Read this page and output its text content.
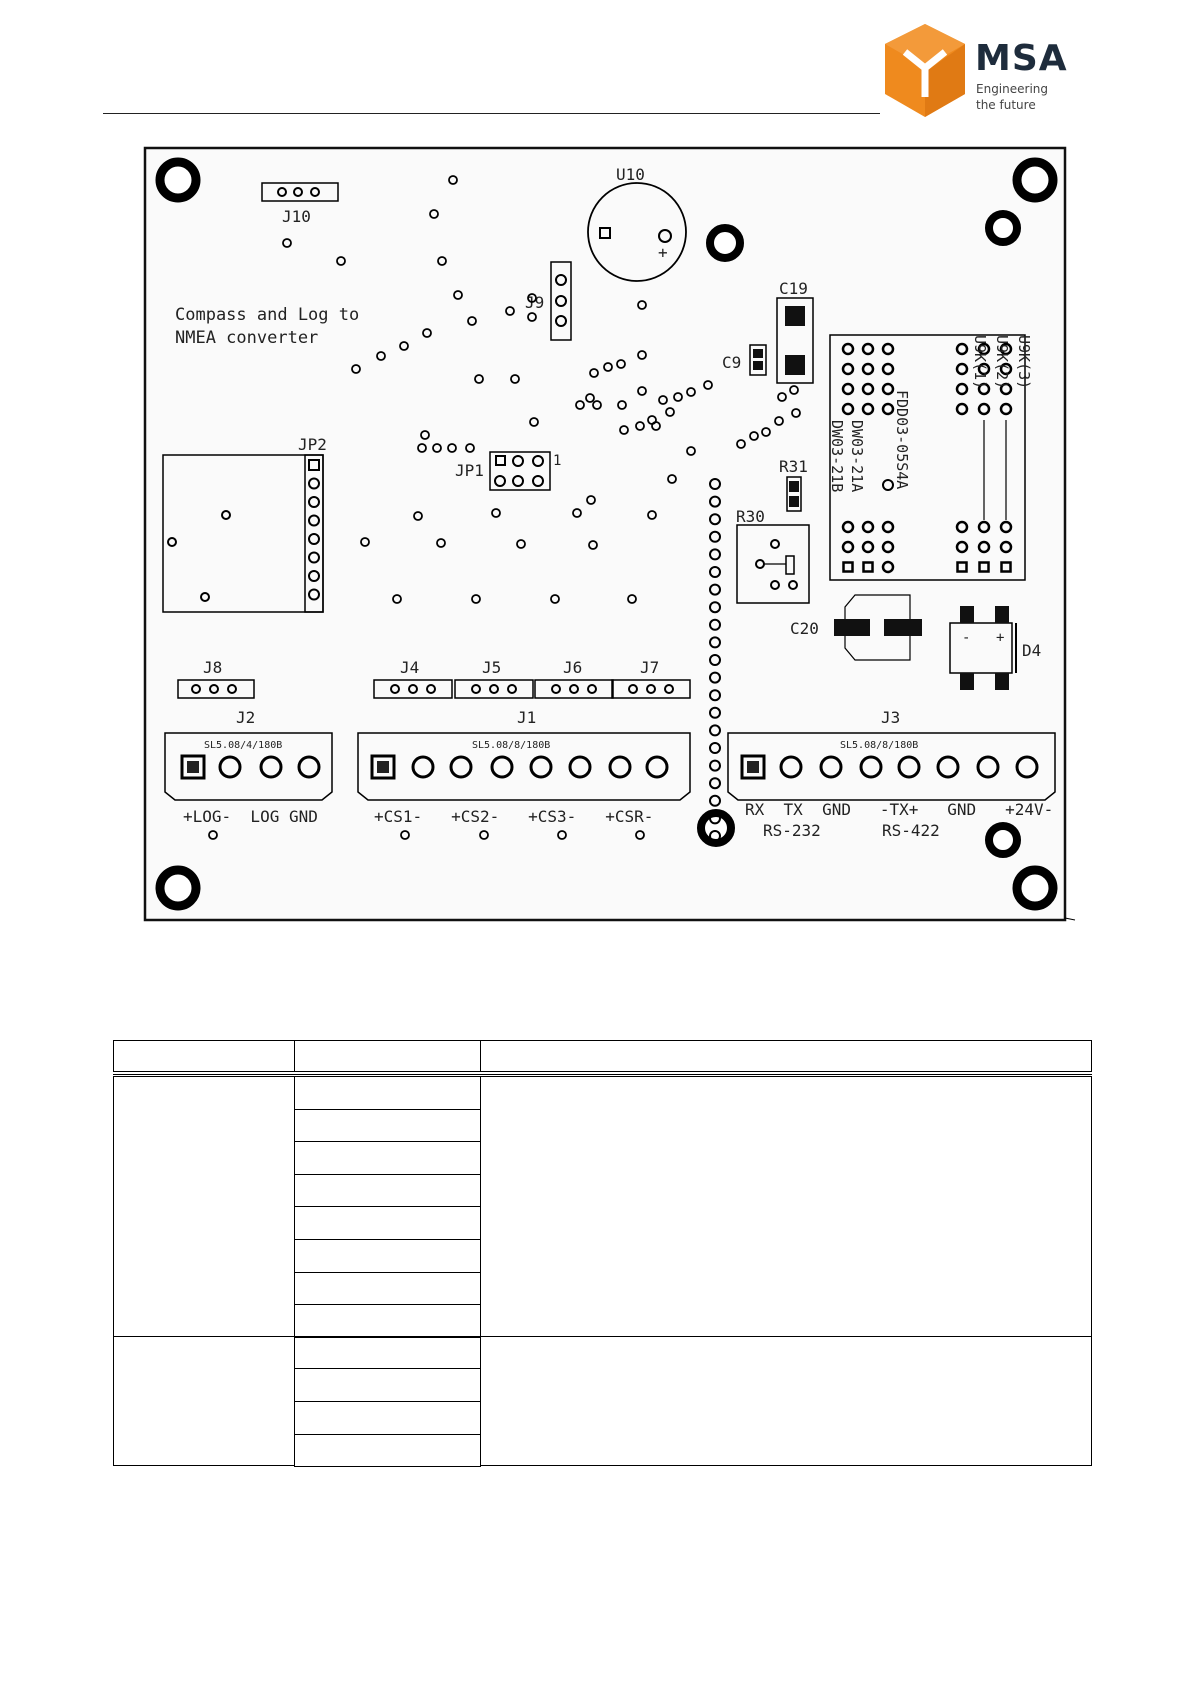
MSA
Engineering
the future
Compass and Log to
NMEA converter
J10
+
U10
J9
C19
C9	U9K(1) U9K(2) U9K(3)
FDD03-05S4A
DW03-21A
DW03-21B
JP2
JP1	1	R31
R30
C20	- +
D4
J8	J4	J5	J6	J7
J2	J1	J3
SL5.08/4/180B	SL5.08/8/180B	SL5.08/8/180B
+LOG-  LOG GND	+CS1-   +CS2-   +CS3-   +CSR-	RX  TX  GND   -TX+   GND   +24V-
RS-232	RS-422
